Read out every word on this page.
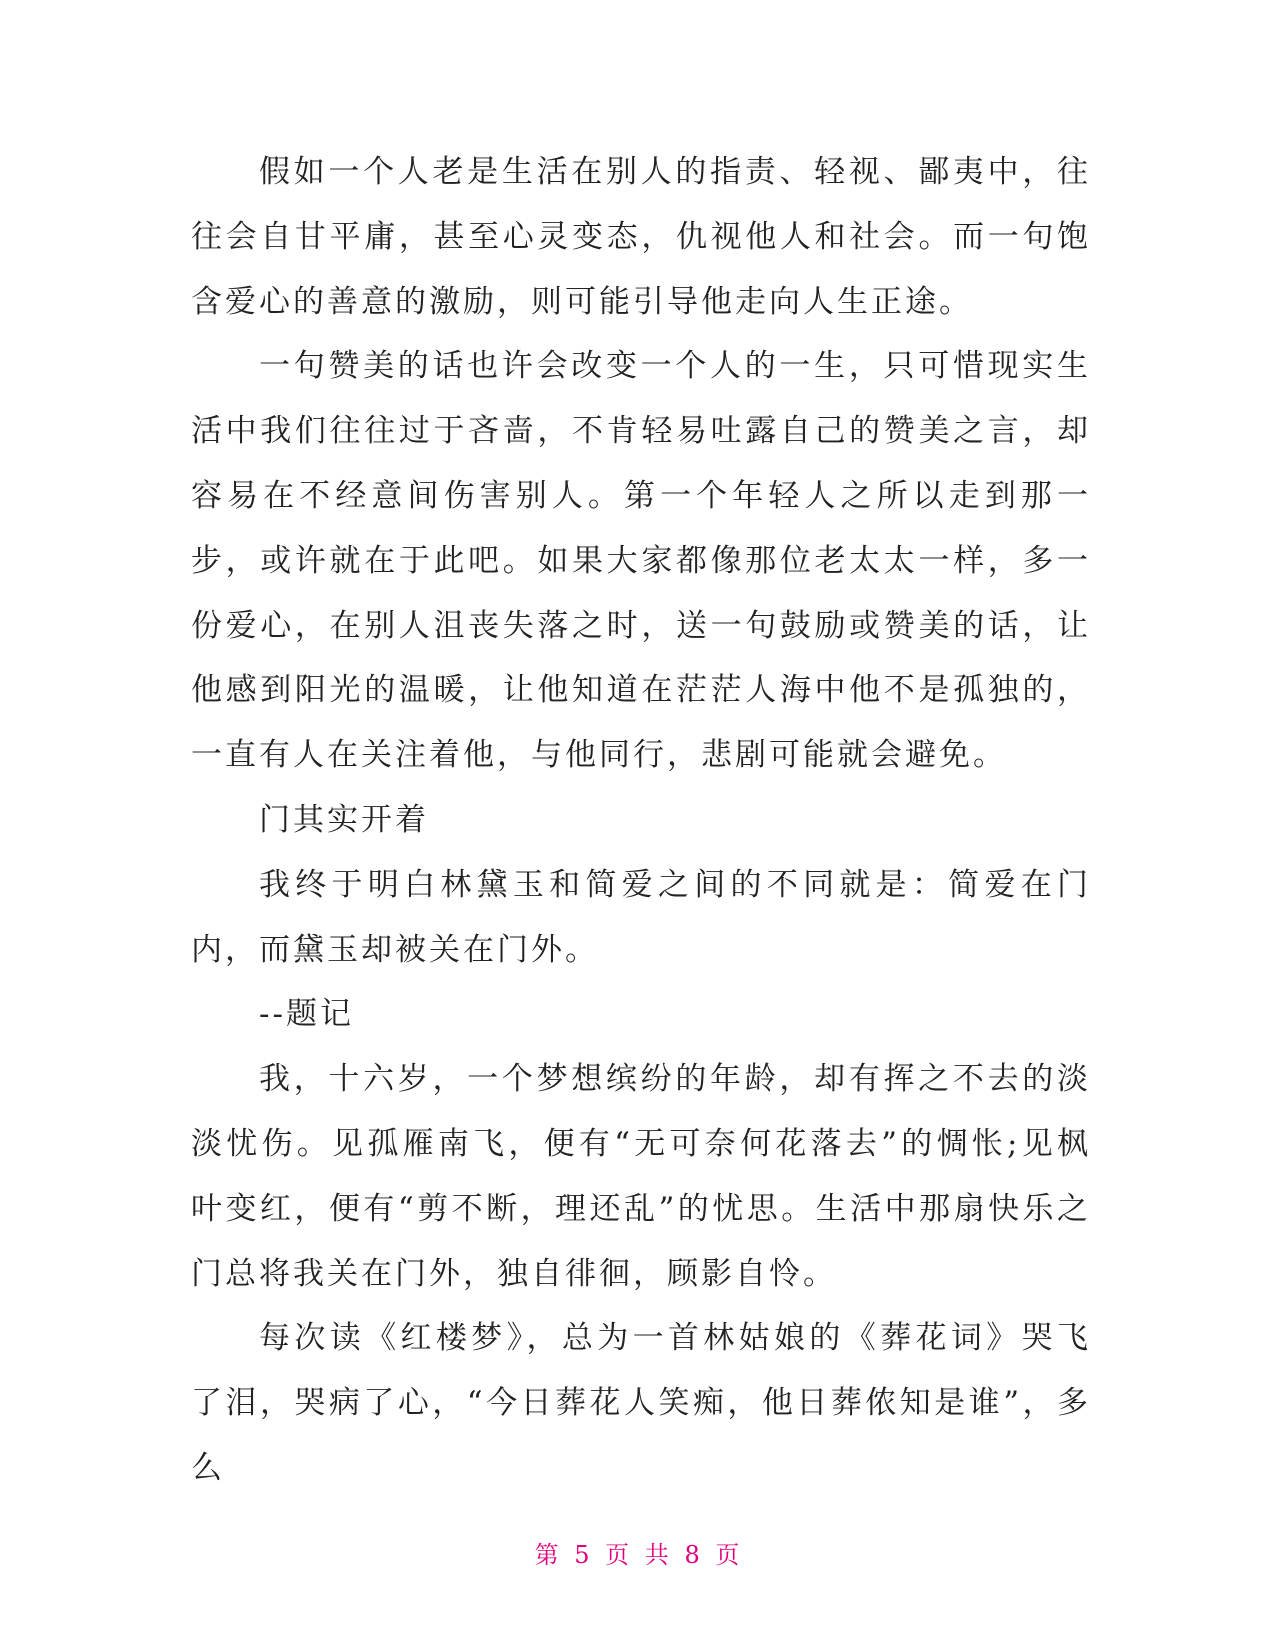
假如一个人老是生活在别人的指责、轻视、鄙夷中，往往会自甘平庸，甚至心灵变态，仇视他人和社会。而一句饱含爱心的善意的激励，则可能引导他走向人生正途。

一句赞美的话也许会改变一个人的一生，只可惜现实生活中我们往往过于吝啬，不肯轻易吐露自己的赞美之言，却容易在不经意间伤害别人。第一个年轻人之所以走到那一步，或许就在于此吧。如果大家都像那位老太太一样，多一份爱心，在别人沮丧失落之时，送一句鼓励或赞美的话，让他感到阳光的温暖，让他知道在茫茫人海中他不是孤独的，一直有人在关注着他，与他同行，悲剧可能就会避免。

门其实开着

我终于明白林黛玉和简爱之间的不同就是：简爱在门内，而黛玉却被关在门外。

--题记

我，十六岁，一个梦想缤纷的年龄，却有挥之不去的淡淡忧伤。见孤雁南飞，便有“无可奈何花落去”的惆怅;见枫叶变红，便有“剪不断，理还乱”的忧思。生活中那扇快乐之门总将我关在门外，独自徘徊，顾影自怜。

每次读《红楼梦》，总为一首林姑娘的《葬花词》哭飞了泪，哭病了心，“今日葬花人笑痴，他日葬侬知是谁”，多么

第 5 页 共 8 页
